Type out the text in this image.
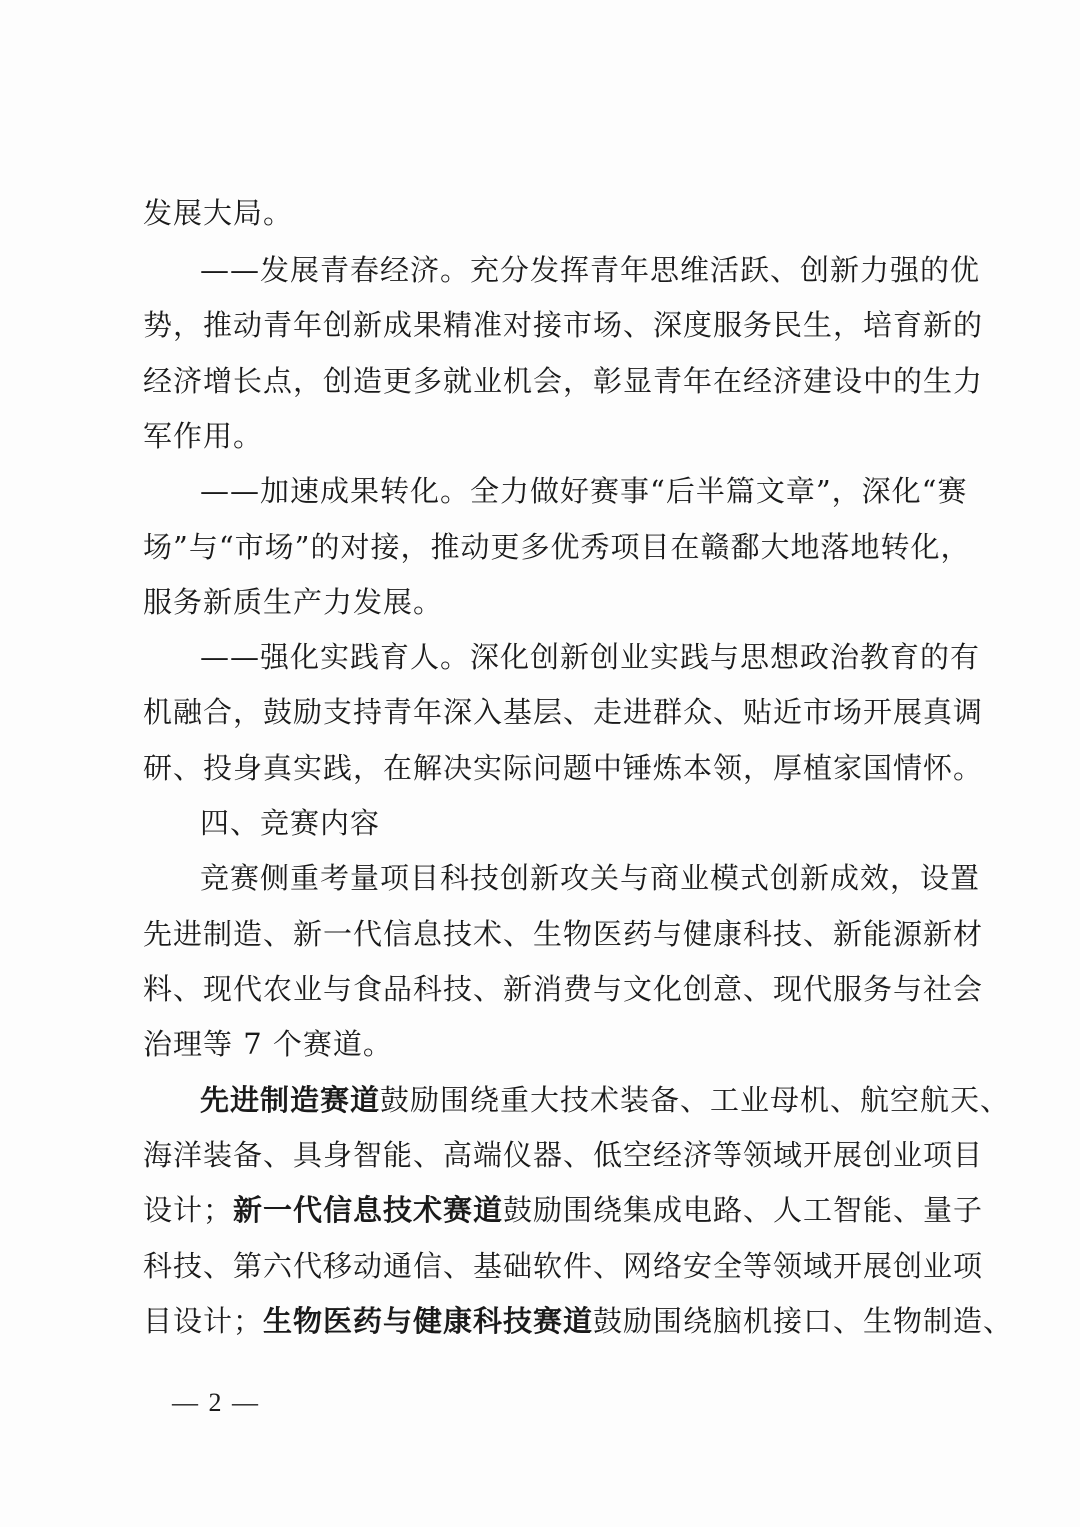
发展大局。
——发展青春经济。充分发挥青年思维活跃、创新力强的优
势，推动青年创新成果精准对接市场、深度服务民生，培育新的
经济增长点，创造更多就业机会，彰显青年在经济建设中的生力
军作用。
——加速成果转化。全力做好赛事“后半篇文章”，深化“赛
场”与“市场”的对接，推动更多优秀项目在赣鄱大地落地转化，
服务新质生产力发展。
——强化实践育人。深化创新创业实践与思想政治教育的有
机融合，鼓励支持青年深入基层、走进群众、贴近市场开展真调
研、投身真实践，在解决实际问题中锤炼本领，厚植家国情怀。
四、竞赛内容
竞赛侧重考量项目科技创新攻关与商业模式创新成效，设置
先进制造、新一代信息技术、生物医药与健康科技、新能源新材
料、现代农业与食品科技、新消费与文化创意、现代服务与社会
治理等 7 个赛道。
先进制造赛道鼓励围绕重大技术装备、工业母机、航空航天、
海洋装备、具身智能、高端仪器、低空经济等领域开展创业项目
设计；新一代信息技术赛道鼓励围绕集成电路、人工智能、量子
科技、第六代移动通信、基础软件、网络安全等领域开展创业项
目设计；生物医药与健康科技赛道鼓励围绕脑机接口、生物制造、
— 2 —
